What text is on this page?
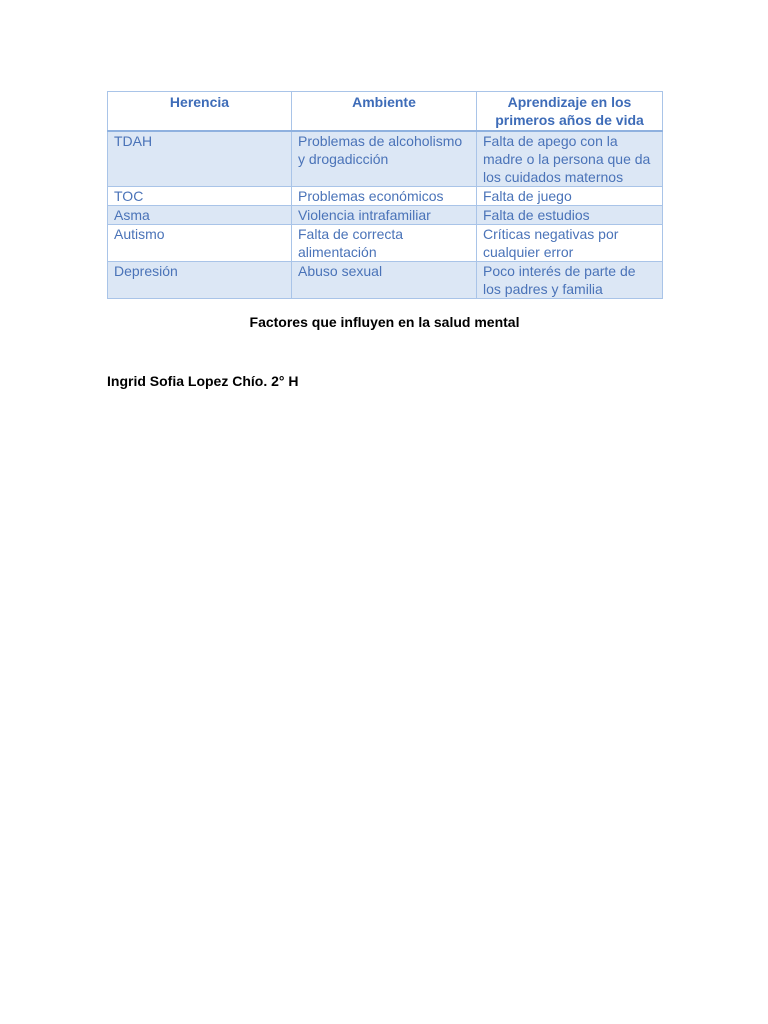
Herencia	Ambiente	Aprendizaje en los primeros años de vida
TDAH	Problemas de alcoholismo y drogadicción	Falta de apego con la madre o la persona que da los cuidados maternos
TOC	Problemas económicos	Falta de juego
Asma	Violencia intrafamiliar	Falta de estudios
Autismo	Falta de correcta alimentación	Críticas negativas por cualquier error
Depresión	Abuso sexual	Poco interés de parte de los padres y familia
Factores que influyen en la salud mental
Ingrid Sofia Lopez Chío. 2° H
